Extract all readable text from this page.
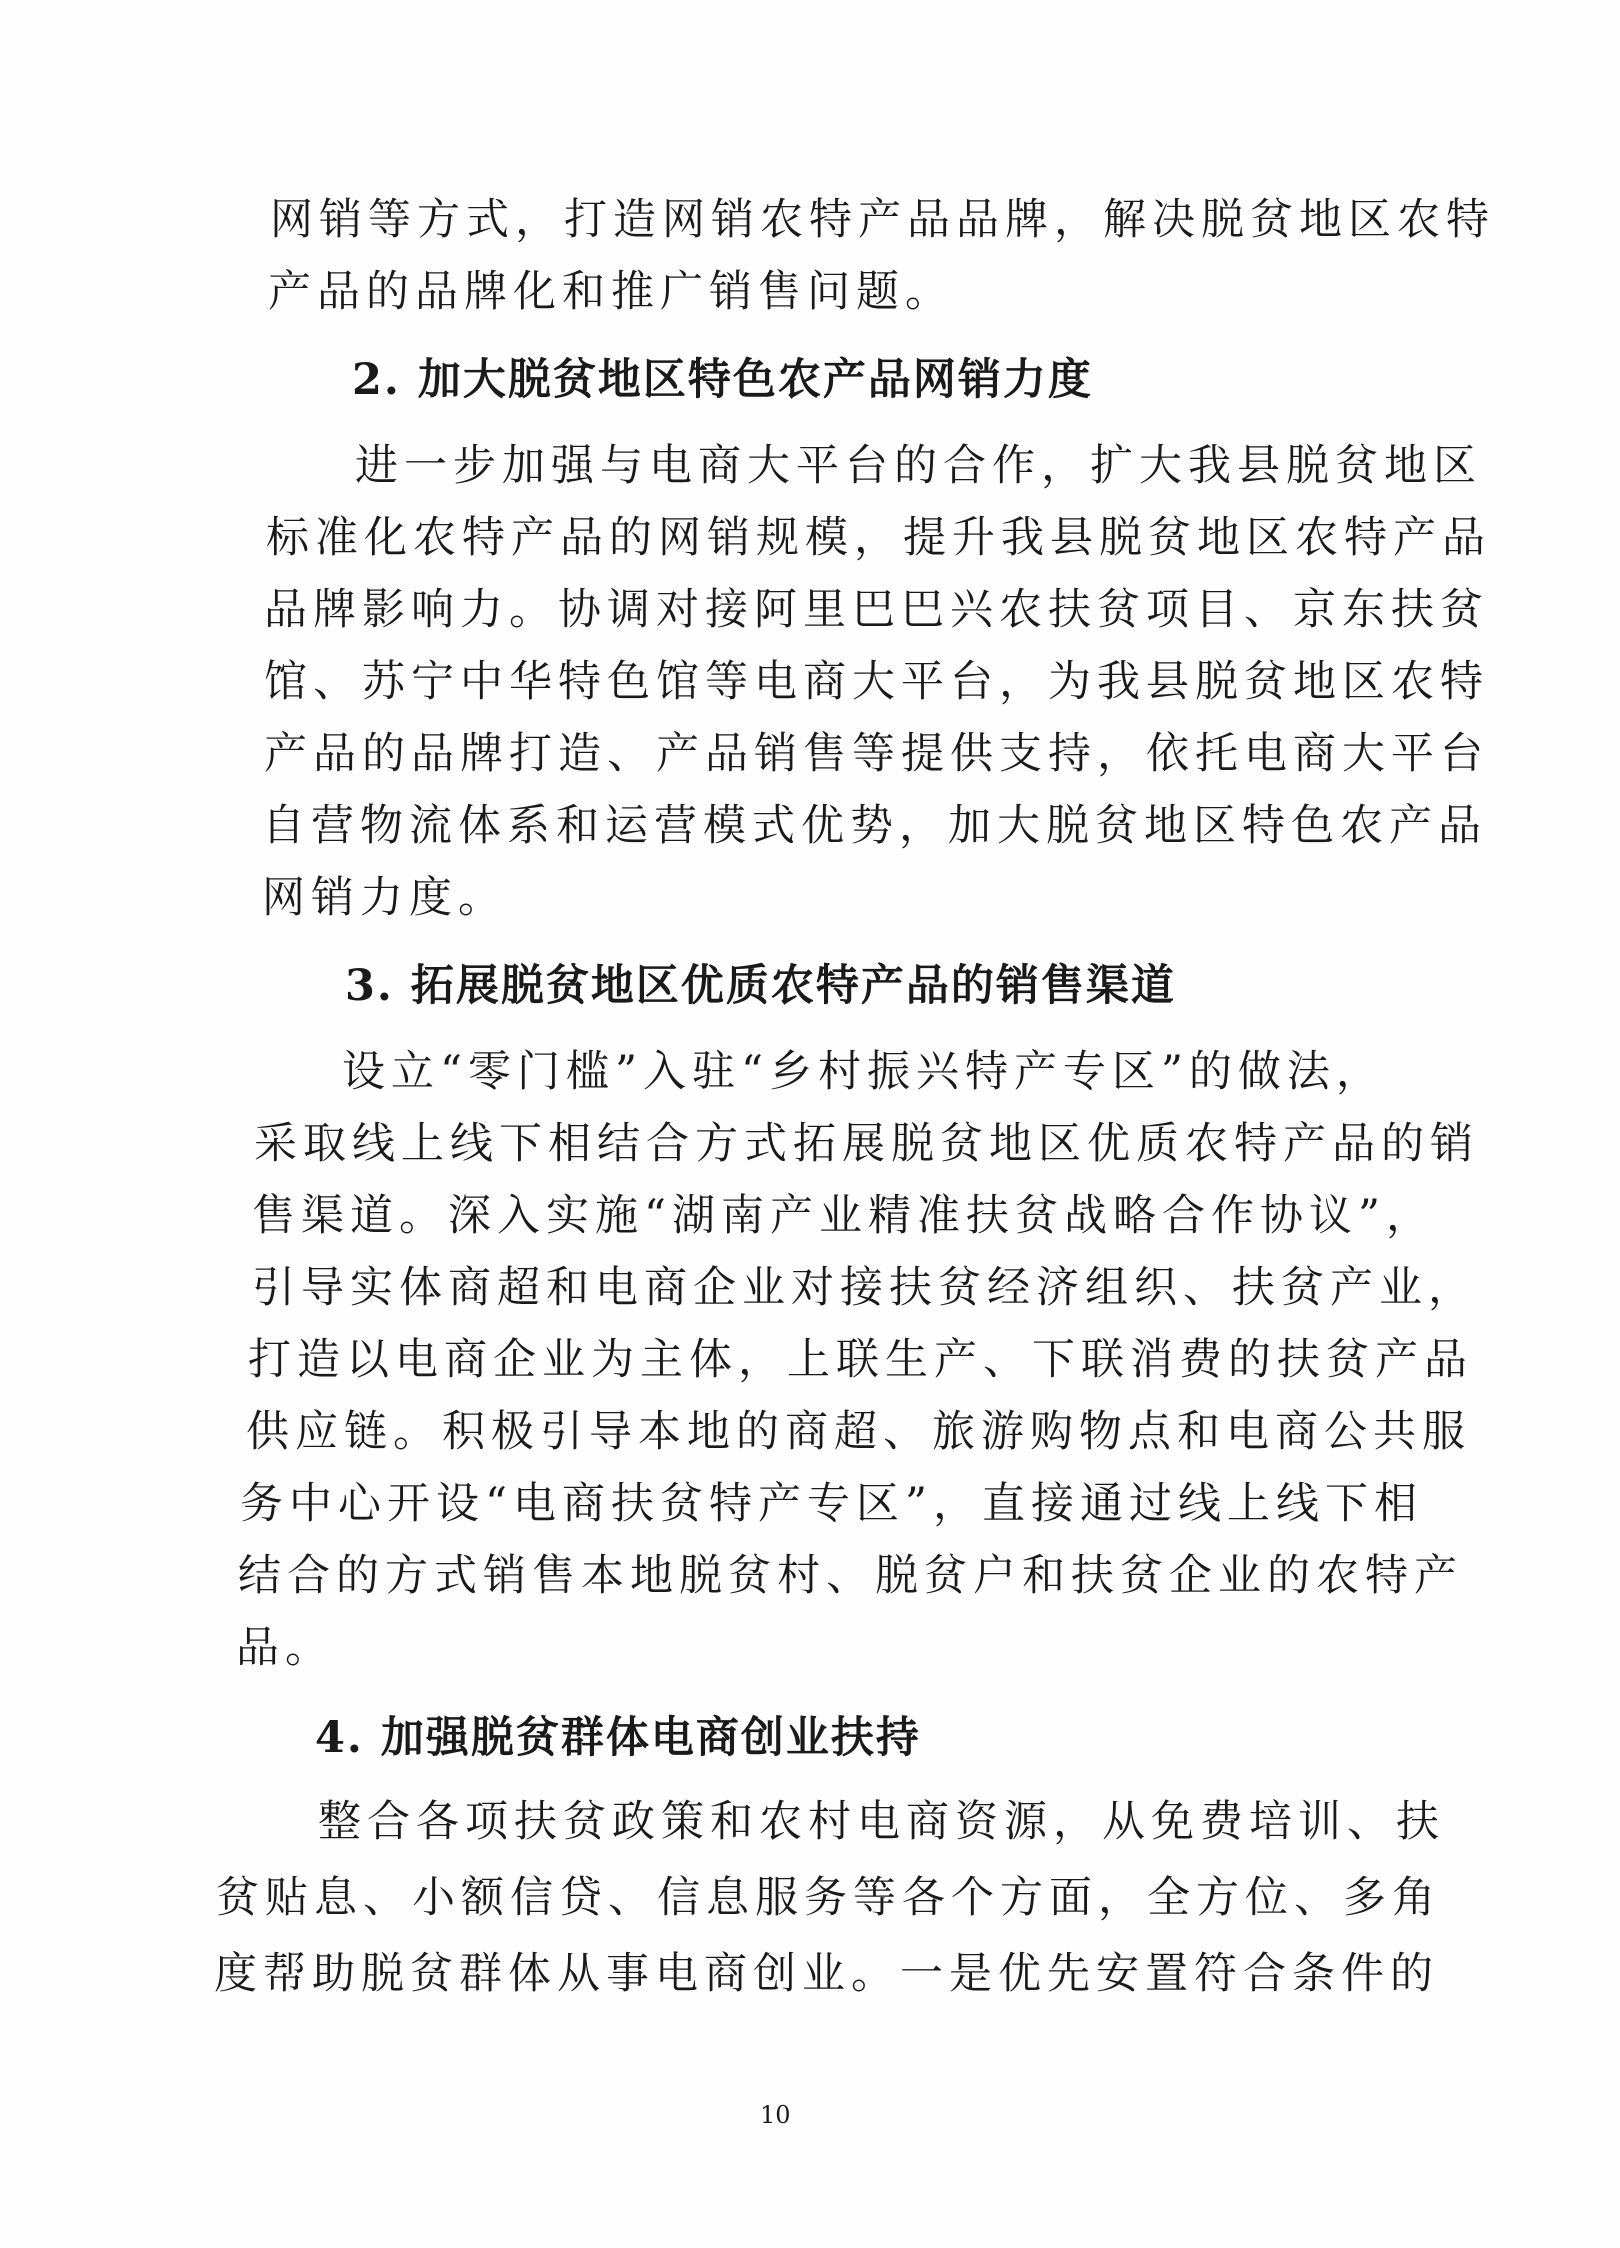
网销等方式，打造网销农特产品品牌，解决脱贫地区农特
产品的品牌化和推广销售问题。
2. 加大脱贫地区特色农产品网销力度
进一步加强与电商大平台的合作，扩大我县脱贫地区
标准化农特产品的网销规模，提升我县脱贫地区农特产品
品牌影响力。协调对接阿里巴巴兴农扶贫项目、京东扶贫
馆、苏宁中华特色馆等电商大平台，为我县脱贫地区农特
产品的品牌打造、产品销售等提供支持，依托电商大平台
自营物流体系和运营模式优势，加大脱贫地区特色农产品
网销力度。
3. 拓展脱贫地区优质农特产品的销售渠道
设立“零门槛”入驻“乡村振兴特产专区”的做法，
采取线上线下相结合方式拓展脱贫地区优质农特产品的销
售渠道。深入实施“湖南产业精准扶贫战略合作协议”，
引导实体商超和电商企业对接扶贫经济组织、扶贫产业，
打造以电商企业为主体，上联生产、下联消费的扶贫产品
供应链。积极引导本地的商超、旅游购物点和电商公共服
务中心开设“电商扶贫特产专区”，直接通过线上线下相
结合的方式销售本地脱贫村、脱贫户和扶贫企业的农特产
品。
4. 加强脱贫群体电商创业扶持
整合各项扶贫政策和农村电商资源，从免费培训、扶
贫贴息、小额信贷、信息服务等各个方面，全方位、多角
度帮助脱贫群体从事电商创业。一是优先安置符合条件的
10
